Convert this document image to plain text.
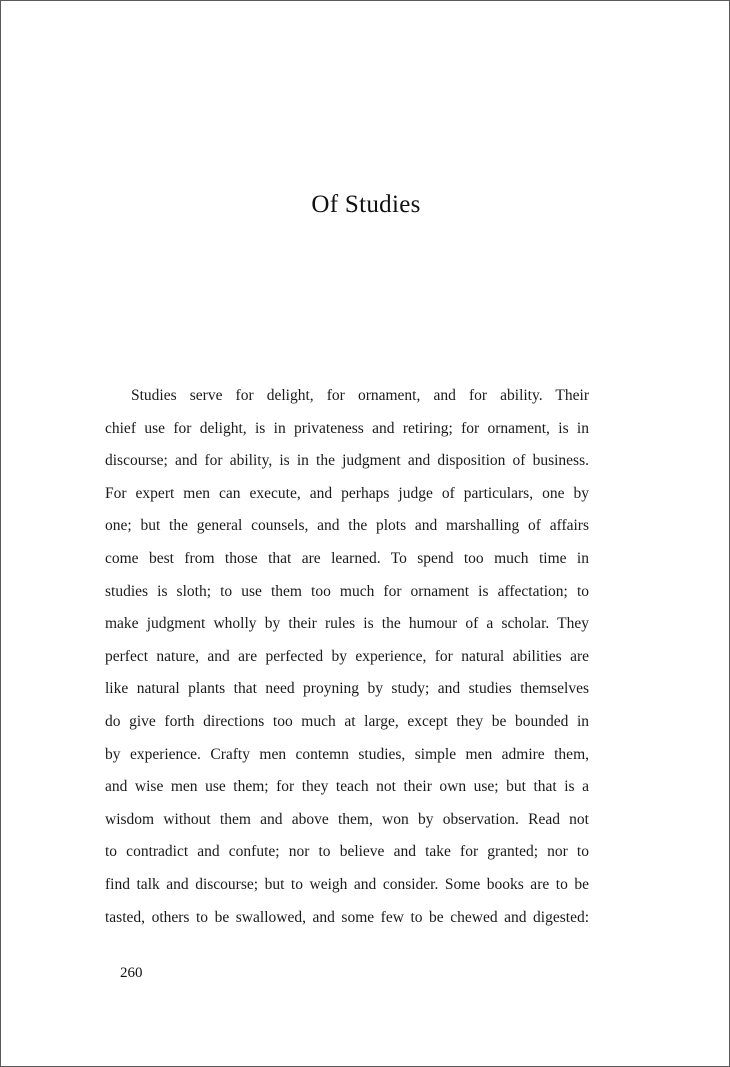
Of Studies
Studies serve for delight, for ornament, and for ability. Their
chief use for delight, is in privateness and retiring; for ornament, is in
discourse; and for ability, is in the judgment and disposition of business.
For expert men can execute, and perhaps judge of particulars, one by
one; but the general counsels, and the plots and marshalling of affairs
come best from those that are learned. To spend too much time in
studies is sloth; to use them too much for ornament is affectation; to
make judgment wholly by their rules is the humour of a scholar. They
perfect nature, and are perfected by experience, for natural abilities are
like natural plants that need proyning by study; and studies themselves
do give forth directions too much at large, except they be bounded in
by experience. Crafty men contemn studies, simple men admire them,
and wise men use them; for they teach not their own use; but that is a
wisdom without them and above them, won by observation. Read not
to contradict and confute; nor to believe and take for granted; nor to
find talk and discourse; but to weigh and consider. Some books are to be
tasted, others to be swallowed, and some few to be chewed and digested:
260
